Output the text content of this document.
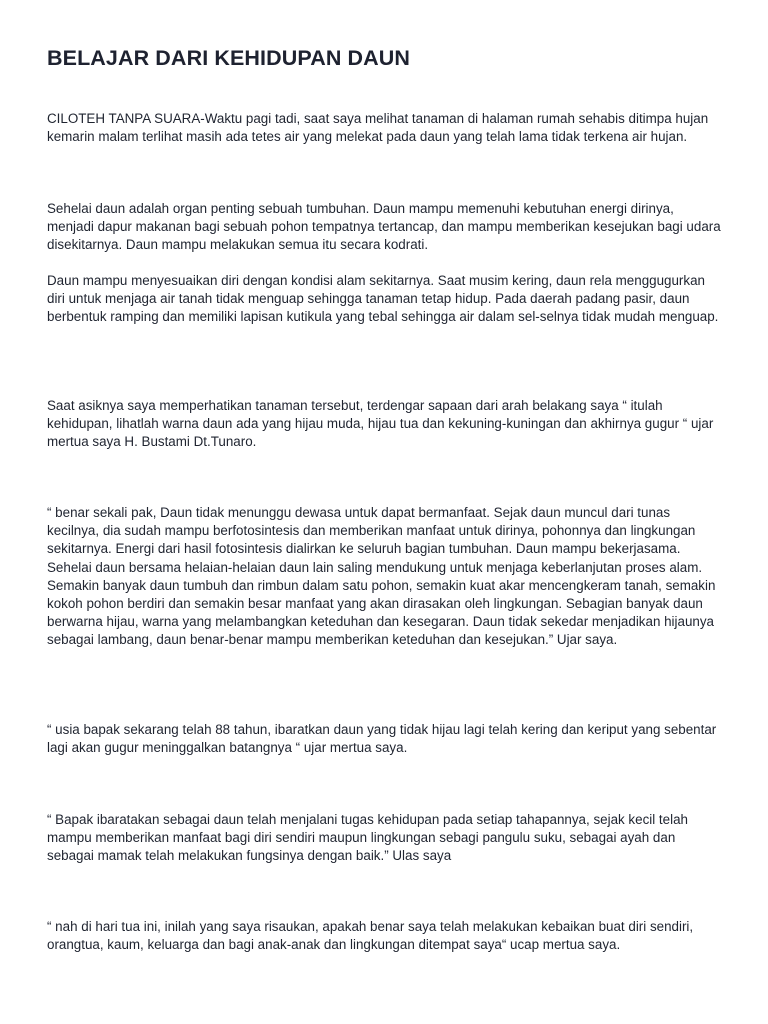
BELAJAR DARI KEHIDUPAN DAUN

CILOTEH TANPA SUARA-Waktu pagi tadi, saat saya melihat tanaman di halaman rumah sehabis ditimpa hujan kemarin malam terlihat masih ada tetes air yang melekat pada daun yang telah lama tidak terkena air hujan.

Sehelai daun adalah organ penting sebuah tumbuhan. Daun mampu memenuhi kebutuhan energi dirinya, menjadi dapur makanan bagi sebuah pohon tempatnya tertancap, dan mampu memberikan kesejukan bagi udara disekitarnya. Daun mampu melakukan semua itu secara kodrati.

Daun mampu menyesuaikan diri dengan kondisi alam sekitarnya. Saat musim kering, daun rela menggugurkan diri untuk menjaga air tanah tidak menguap sehingga tanaman tetap hidup. Pada daerah padang pasir, daun berbentuk ramping dan memiliki lapisan kutikula yang tebal sehingga air dalam sel-selnya tidak mudah menguap.

Saat asiknya saya memperhatikan tanaman tersebut, terdengar sapaan dari arah belakang saya “ itulah kehidupan, lihatlah warna daun ada yang hijau muda, hijau tua dan kekuning-kuningan dan akhirnya gugur “ ujar mertua saya H. Bustami Dt.Tunaro.

“ benar sekali pak, Daun tidak menunggu dewasa untuk dapat bermanfaat. Sejak daun muncul dari tunas kecilnya, dia sudah mampu berfotosintesis dan memberikan manfaat untuk dirinya, pohonnya dan lingkungan sekitarnya. Energi dari hasil fotosintesis dialirkan ke seluruh bagian tumbuhan. Daun mampu bekerjasama. Sehelai daun bersama helaian-helaian daun lain saling mendukung untuk menjaga keberlanjutan proses alam. Semakin banyak daun tumbuh dan rimbun dalam satu pohon, semakin kuat akar mencengkeram tanah, semakin kokoh pohon berdiri dan semakin besar manfaat yang akan dirasakan oleh lingkungan. Sebagian banyak daun berwarna hijau, warna yang melambangkan keteduhan dan kesegaran. Daun tidak sekedar menjadikan hijaunya sebagai lambang, daun benar-benar mampu memberikan keteduhan dan kesejukan.” Ujar saya.

“ usia bapak sekarang telah 88 tahun, ibaratkan daun yang tidak hijau lagi telah kering dan keriput yang sebentar lagi akan gugur meninggalkan batangnya “ ujar mertua saya.

“ Bapak ibaratakan sebagai daun telah menjalani tugas kehidupan pada setiap tahapannya, sejak kecil telah mampu memberikan manfaat bagi diri sendiri maupun lingkungan sebagi pangulu suku, sebagai ayah dan sebagai mamak telah melakukan fungsinya dengan baik.” Ulas saya

“ nah di hari tua ini, inilah yang saya risaukan, apakah benar saya telah melakukan kebaikan buat diri sendiri, orangtua, kaum, keluarga dan bagi anak-anak dan lingkungan ditempat saya“ ucap mertua saya.
